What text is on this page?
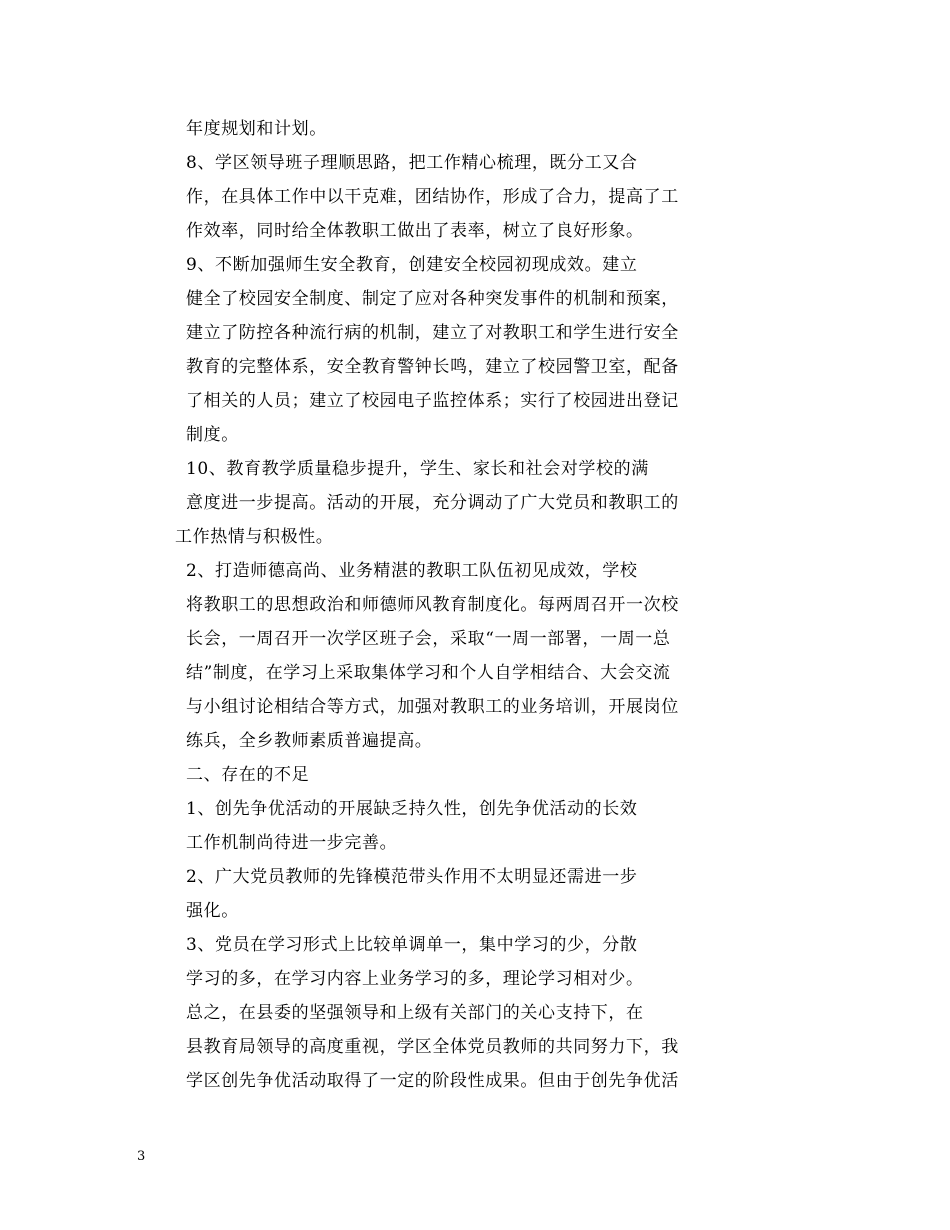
年度规划和计划。
8、学区领导班子理顺思路，把工作精心梳理，既分工又合
作，在具体工作中以干克难，团结协作，形成了合力，提高了工
作效率，同时给全体教职工做出了表率，树立了良好形象。
9、不断加强师生安全教育，创建安全校园初现成效。建立
健全了校园安全制度、制定了应对各种突发事件的机制和预案，
建立了防控各种流行病的机制，建立了对教职工和学生进行安全
教育的完整体系，安全教育警钟长鸣，建立了校园警卫室，配备
了相关的人员；建立了校园电子监控体系；实行了校园进出登记
制度。
10、教育教学质量稳步提升，学生、家长和社会对学校的满
意度进一步提高。活动的开展，充分调动了广大党员和教职工的
工作热情与积极性。
2、打造师德高尚、业务精湛的教职工队伍初见成效，学校
将教职工的思想政治和师德师风教育制度化。每两周召开一次校
长会，一周召开一次学区班子会，采取“一周一部署，一周一总
结”制度，在学习上采取集体学习和个人自学相结合、大会交流
与小组讨论相结合等方式，加强对教职工的业务培训，开展岗位
练兵，全乡教师素质普遍提高。
二、存在的不足
1、创先争优活动的开展缺乏持久性，创先争优活动的长效
工作机制尚待进一步完善。
2、广大党员教师的先锋模范带头作用不太明显还需进一步
强化。
3、党员在学习形式上比较单调单一，集中学习的少，分散
学习的多，在学习内容上业务学习的多，理论学习相对少。
总之，在县委的坚强领导和上级有关部门的关心支持下，在
县教育局领导的高度重视，学区全体党员教师的共同努力下，我
学区创先争优活动取得了一定的阶段性成果。但由于创先争优活
3
